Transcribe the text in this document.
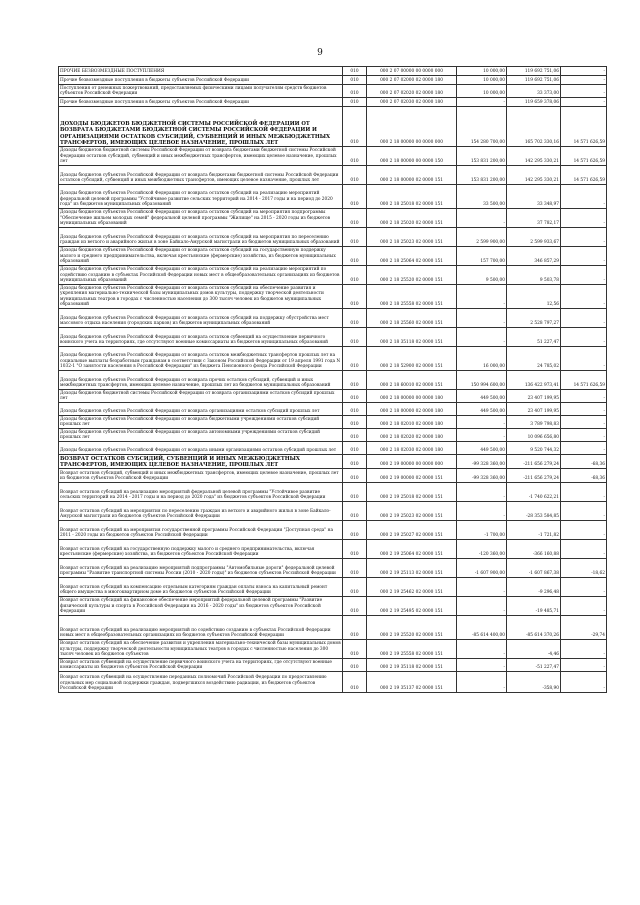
9
ПРОЧИЕ БЕЗВОЗМЕЗДНЫЕ ПОСТУПЛЕНИЯ	010	000 2 07 00000 00 0000 000	10 000,00	119 692 751,06	-
Прочие безвозмездные поступления в бюджеты субъектов Российской Федерации	010	000 2 07 02000 02 0000 180	10 000,00	119 692 751,06	-
Поступления от денежных пожертвований, предоставляемых физическими лицами получателям средств бюджетов субъектов Российской Федерации	010	000 2 07 02020 02 0000 180	10 000,00	33 373,00	-
Прочие безвозмездные поступления в бюджеты субъектов Российской Федерации	010	000 2 07 02030 02 0000 180	-	119 659 378,06	-
ДОХОДЫ БЮДЖЕТОВ БЮДЖЕТНОЙ СИСТЕМЫ РОССИЙСКОЙ ФЕДЕРАЦИИ ОТ ВОЗВРАТА БЮДЖЕТАМИ БЮДЖЕТНОЙ СИСТЕМЫ РОССИЙСКОЙ ФЕДЕРАЦИИ И ОРГАНИЗАЦИЯМИ ОСТАТКОВ СУБСИДИЙ, СУБВЕНЦИЙ И ИНЫХ МЕЖБЮДЖЕТНЫХ ТРАНСФЕРТОВ, ИМЕЮЩИХ ЦЕЛЕВОЕ НАЗНАЧЕНИЕ, ПРОШЛЫХ ЛЕТ	010	000 2 18 00000 00 0000 000	154 280 700,00	165 702 330,16	14 571 626,59
Доходы бюджетов бюджетной системы Российской Федерации от возврата бюджетами бюджетной системы Российской Федерации остатков субсидий, субвенций и иных межбюджетных трансфертов, имеющих целевое назначение, прошлых лет	010	000 2 18 00000 00 0000 150	153 831 200,00	142 295 330,21	14 571 626,59
Доходы бюджетов субъектов Российской Федерации от возврата бюджетами бюджетной системы Российской Федерации остатков субсидий, субвенций и иных межбюджетных трансфертов, имеющих целевое назначение, прошлых лет	010	000 2 18 00000 02 0000 151	153 831 200,00	142 295 330,21	14 571 626,59
Доходы бюджетов субъектов Российской Федерации от возврата остатков субсидий на реализацию мероприятий федеральной целевой программы "Устойчивое развитие сельских территорий на 2014 - 2017 годы и на период до 2020 года" из бюджетов муниципальных образований	010	000 2 18 25018 02 0000 151	33 500,00	33 348,97	-
Доходы бюджетов субъектов Российской Федерации от возврата остатков субсидий на мероприятия подпрограммы "Обеспечение жильем молодых семей" федеральной целевой программы "Жилище" на 2015 - 2020 годы из бюджетов муниципальных образований	010	000 2 18 25020 02 0000 151	-	37 782,17	-
Доходы бюджетов субъектов Российской Федерации от возврата остатков субсидий на мероприятия по переселению граждан из ветхого и аварийного жилья в зоне Байкало-Амурской магистрали из бюджетов муниципальных образований	010	000 2 18 25023 02 0000 151	2 599 900,00	2 599 933,67	-
Доходы бюджетов субъектов Российской Федерации от возврата остатков субсидий на государственную поддержку малого и среднего предпринимательства, включая крестьянские (фермерские) хозяйства, из бюджетов муниципальных образований	010	000 2 18 25064 02 0000 151	157 700,00	346 857,29	-
Доходы бюджетов субъектов Российской Федерации от возврата остатков субсидий на реализацию мероприятий по содействию созданию в субъектах Российской Федерации новых мест в общеобразовательных организациях из бюджетов муниципальных образований	010	000 2 18 25520 02 0000 151	9 500,00	9 503,78	-
Доходы бюджетов субъектов Российской Федерации от возврата остатков субсидий на обеспечение развития и укрепления материально-технической базы муниципальных домов культуры, поддержку творческой деятельности муниципальных театров в городах с численностью населения до 300 тысяч человек из бюджетов муниципальных образований	010	000 2 18 25558 02 0000 151	-	12,56	-
Доходы бюджетов субъектов Российской Федерации от возврата остатков субсидий на поддержку обустройства мест массового отдыха населения (городских парков) из бюджетов муниципальных образований	010	000 2 18 25560 02 0000 151	-	2 528 797,27	-
Доходы бюджетов субъектов Российской Федерации от возврата остатков субвенций на осуществление первичного воинского учета на территориях, где отсутствуют военные комиссариаты из бюджетов муниципальных образований	010	000 2 18 35118 02 0000 151	-	51 227,47	-
Доходы бюджетов субъектов Российской Федерации от возврата остатков межбюджетных трансфертов прошлых лет на социальные выплаты безработным гражданам в соответствии с Законом Российской Федерации от 19 апреля 1991 года N 1032-1 "О занятости населения в Российской Федерации" из бюджета Пенсионного фонда Российской Федерации	010	000 2 18 52900 02 0000 151	16 000,00	24 785,02	-
Доходы бюджетов субъектов Российской Федерации от возврата прочих остатков субсидий, субвенций и иных межбюджетных трансфертов, имеющих целевое назначение, прошлых лет из бюджетов муниципальных образований	010	000 2 18 60010 02 0000 151	150 994 600,00	136 422 973,41	14 571 626,59
Доходы бюджетов бюджетной системы Российской Федерации от возврата организациями остатков субсидий прошлых лет	010	000 2 18 00000 00 0000 180	449 500,00	23 407 199,95	-
Доходы бюджетов субъектов Российской Федерации от возврата организациями остатков субсидий прошлых лет	010	000 2 18 00000 02 0000 180	449 500,00	23 407 199,95	-
Доходы бюджетов субъектов Российской Федерации от возврата бюджетными учреждениями остатков субсидий прошлых лет	010	000 2 18 02010 02 0000 180	-	3 789 798,83	-
Доходы бюджетов субъектов Российской Федерации от возврата автономными учреждениями остатков субсидий прошлых лет	010	000 2 18 02020 02 0000 180	-	10 096 656,80	-
Доходы бюджетов субъектов Российской Федерации от возврата иными организациями остатков субсидий прошлых лет	010	000 2 18 02030 02 0000 180	449 500,00	9 520 744,32	-
ВОЗВРАТ ОСТАТКОВ СУБСИДИЙ, СУБВЕНЦИЙ И ИНЫХ МЕЖБЮДЖЕТНЫХ ТРАНСФЕРТОВ, ИМЕЮЩИХ ЦЕЛЕВОЕ НАЗНАЧЕНИЕ, ПРОШЛЫХ ЛЕТ	010	000 2 19 00000 00 0000 000	-99 328 360,00	-211 656 279,24	-68,36
Возврат остатков субсидий, субвенций и иных межбюджетных трансфертов, имеющих целевое назначение, прошлых лет из бюджетов субъектов Российской Федерации	010	000 2 19 00000 02 0000 151	-99 328 360,00	-211 656 279,24	-68,36
Возврат остатков субсидий на реализацию мероприятий федеральной целевой программы "Устойчивое развитие сельских территорий на 2014 - 2017 годы и на период до 2020 года" из бюджетов субъектов Российской Федерации	010	000 2 19 25018 02 0000 151	-	-1 740 622,21	-
Возврат остатков субсидий на мероприятия по переселению граждан из ветхого и аварийного жилья в зоне Байкало-Амурской магистрали из бюджетов субъектов Российской Федерации	010	000 2 19 25023 02 0000 151	-	-28 353 584,85	-
Возврат остатков субсидий на мероприятия государственной программы Российской Федерации "Доступная среда" на 2011 - 2020 годы из бюджетов субъектов Российской Федерации	010	000 2 19 25027 02 0000 151	-1 700,00	-1 721,82	-
Возврат остатков субсидий на государственную поддержку малого и среднего предпринимательства, включая крестьянские (фермерские) хозяйства, из бюджетов субъектов Российской Федерации	010	000 2 19 25064 02 0000 151	-120 360,00	-366 160,88	-
Возврат остатков субсидий на реализацию мероприятий подпрограммы "Автомобильные дороги" федеральной целевой программы "Развитие транспортной системы России (2010 - 2020 годы)" из бюджетов субъектов Российской Федерации	010	000 2 19 25113 02 0000 151	-1 607 900,00	-1 607 867,38	-18,62
Возврат остатков субсидий на компенсацию отдельным категориям граждан оплаты взноса на капитальный ремонт общего имущества в многоквартирном доме из бюджетов субъектов Российской Федерации	010	000 2 19 25462 02 0000 151	-	-9 296,48	-
Возврат остатков субсидий на финансовое обеспечение мероприятий федеральной целевой программы "Развитие физической культуры и спорта в Российской Федерации на 2016 - 2020 годы" из бюджетов субъектов Российской Федерации	010	000 2 19 25495 02 0000 151	-	-19 485,71	-
Возврат остатков субсидий на реализацию мероприятий по содействию созданию в субъектах Российской Федерации новых мест в общеобразовательных организациях из бюджетов субъектов Российской Федерации	010	000 2 19 25520 02 0000 151	-85 614 400,00	-85 614 370,26	-29,74
Возврат остатков субсидий на обеспечение развития и укрепления материально-технической базы муниципальных домов культуры, поддержку творческой деятельности муниципальных театров в городах с численностью населения до 300 тысяч человек из бюджетов субъектов	010	000 2 19 25558 02 0000 151	-	-4,46	-
Возврат остатков субвенций на осуществление первичного воинского учета на территориях, где отсутствуют военные комиссариаты из бюджетов субъектов Российской Федерации	010	000 2 19 35118 02 0000 151	-	-51 227,47	-
Возврат остатков субвенций на осуществление переданных полномочий Российской Федерации по предоставлению отдельных мер социальной поддержки граждан, подвергшихся воздействию радиации, из бюджетов субъектов Российской Федерации	010	000 2 19 35137 02 0000 151	-	-358,90	-
